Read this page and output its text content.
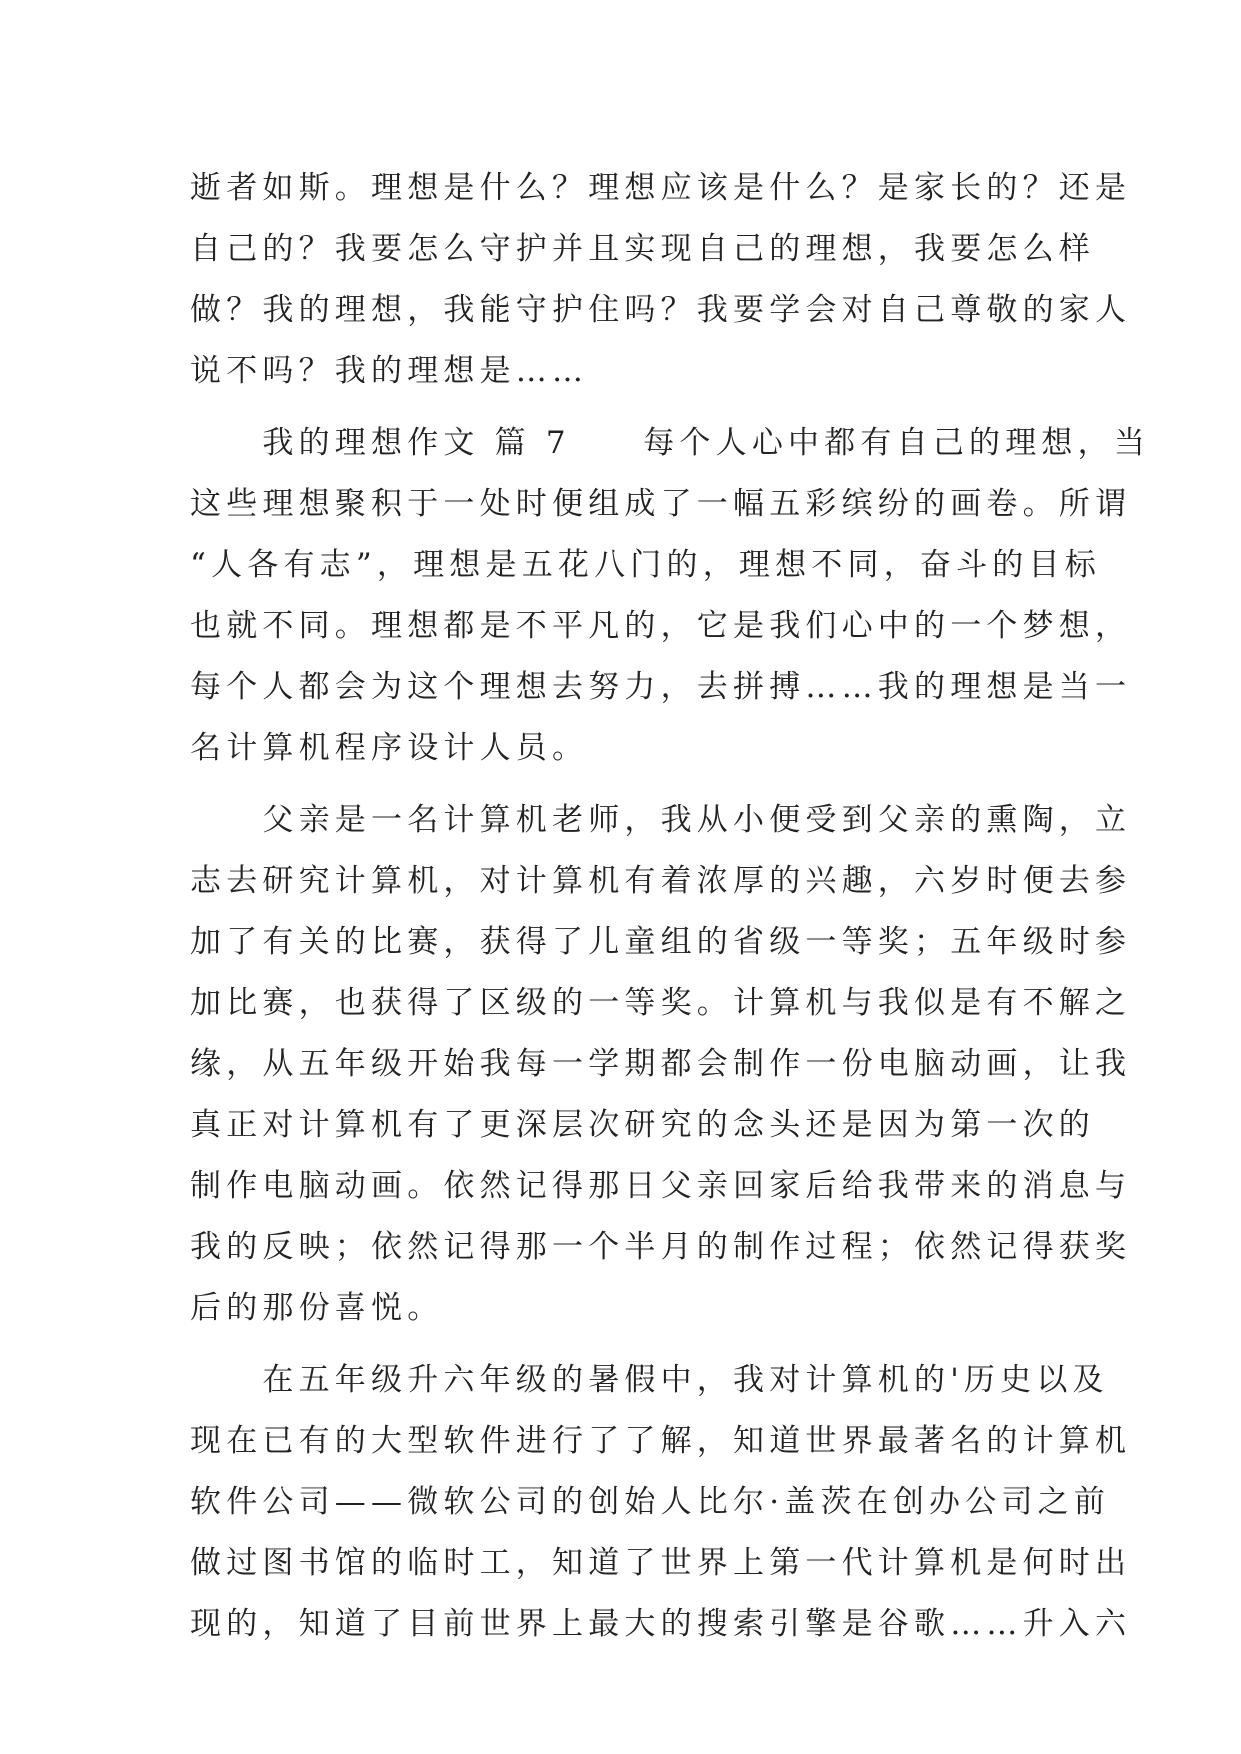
逝者如斯。理想是什么？理想应该是什么？是家长的？还是
自己的？我要怎么守护并且实现自己的理想，我要怎么样
做？我的理想，我能守护住吗？我要学会对自己尊敬的家人
说不吗？我的理想是……
　　我的理想作文 篇 7　　每个人心中都有自己的理想，当
这些理想聚积于一处时便组成了一幅五彩缤纷的画卷。所谓
“人各有志”，理想是五花八门的，理想不同，奋斗的目标
也就不同。理想都是不平凡的，它是我们心中的一个梦想，
每个人都会为这个理想去努力，去拼搏……我的理想是当一
名计算机程序设计人员。
　　父亲是一名计算机老师，我从小便受到父亲的熏陶，立
志去研究计算机，对计算机有着浓厚的兴趣，六岁时便去参
加了有关的比赛，获得了儿童组的省级一等奖；五年级时参
加比赛，也获得了区级的一等奖。计算机与我似是有不解之
缘，从五年级开始我每一学期都会制作一份电脑动画，让我
真正对计算机有了更深层次研究的念头还是因为第一次的
制作电脑动画。依然记得那日父亲回家后给我带来的消息与
我的反映；依然记得那一个半月的制作过程；依然记得获奖
后的那份喜悦。
　　在五年级升六年级的暑假中，我对计算机的'历史以及
现在已有的大型软件进行了了解，知道世界最著名的计算机
软件公司——微软公司的创始人比尔·盖茨在创办公司之前
做过图书馆的临时工，知道了世界上第一代计算机是何时出
现的，知道了目前世界上最大的搜索引擎是谷歌……升入六
